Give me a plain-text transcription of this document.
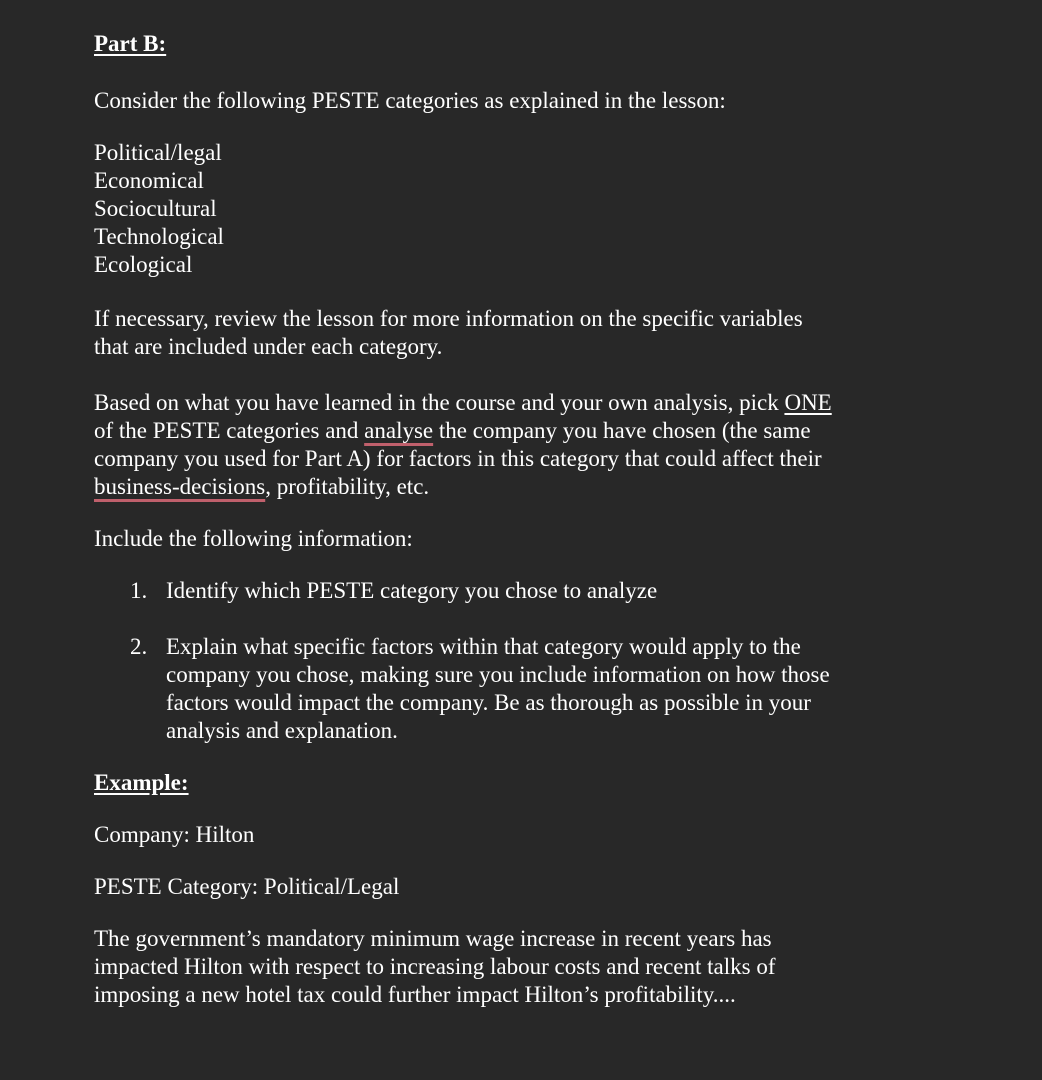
Part B:

Consider the following PESTE categories as explained in the lesson:

Political/legal
Economical
Sociocultural
Technological
Ecological
If necessary, review the lesson for more information on the specific variables
that are included under each category.
Based on what you have learned in the course and your own analysis, pick ONE
of the PESTE categories and analyse the company you have chosen (the same
company you used for Part A) for factors in this category that could affect their
business-decisions, profitability, etc.

Include the following information:

1. Identify which PESTE category you chose to analyze
2. Explain what specific factors within that category would apply to the
company you chose, making sure you include information on how those
factors would impact the company. Be as thorough as possible in your
analysis and explanation.

Example:

Company: Hilton

PESTE Category: Political/Legal

The government’s mandatory minimum wage increase in recent years has
impacted Hilton with respect to increasing labour costs and recent talks of
imposing a new hotel tax could further impact Hilton’s profitability....
